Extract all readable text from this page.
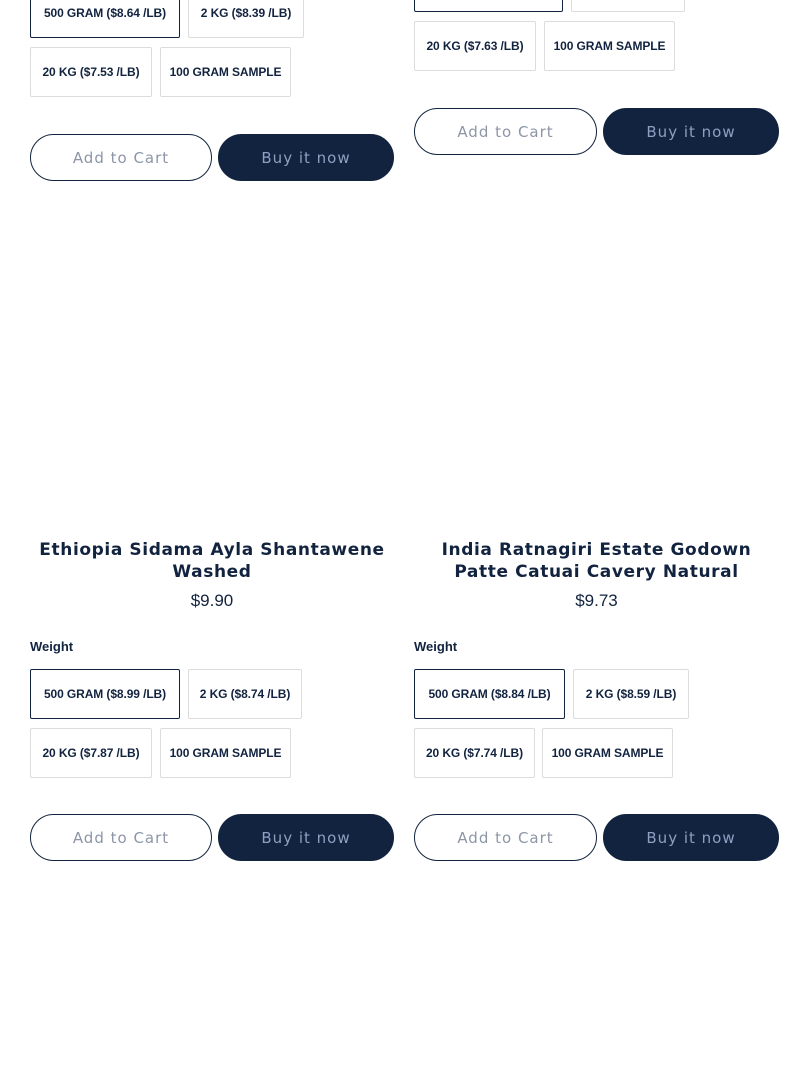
500 GRAM ($8.64 /LB)	2 KG ($8.39 /LB)
20 KG ($7.53 /LB)	100 GRAM SAMPLE
Add to Cart	Buy it now
20 KG ($7.63 /LB)	100 GRAM SAMPLE
Add to Cart	Buy it now
Ethiopia Sidama Ayla Shantawene Washed
$9.90
Weight
500 GRAM ($8.99 /LB)	2 KG ($8.74 /LB)
20 KG ($7.87 /LB)	100 GRAM SAMPLE
Add to Cart	Buy it now
India Ratnagiri Estate Godown Patte Catuai Cavery Natural
$9.73
Weight
500 GRAM ($8.84 /LB)	2 KG ($8.59 /LB)
20 KG ($7.74 /LB)	100 GRAM SAMPLE
Add to Cart	Buy it now
